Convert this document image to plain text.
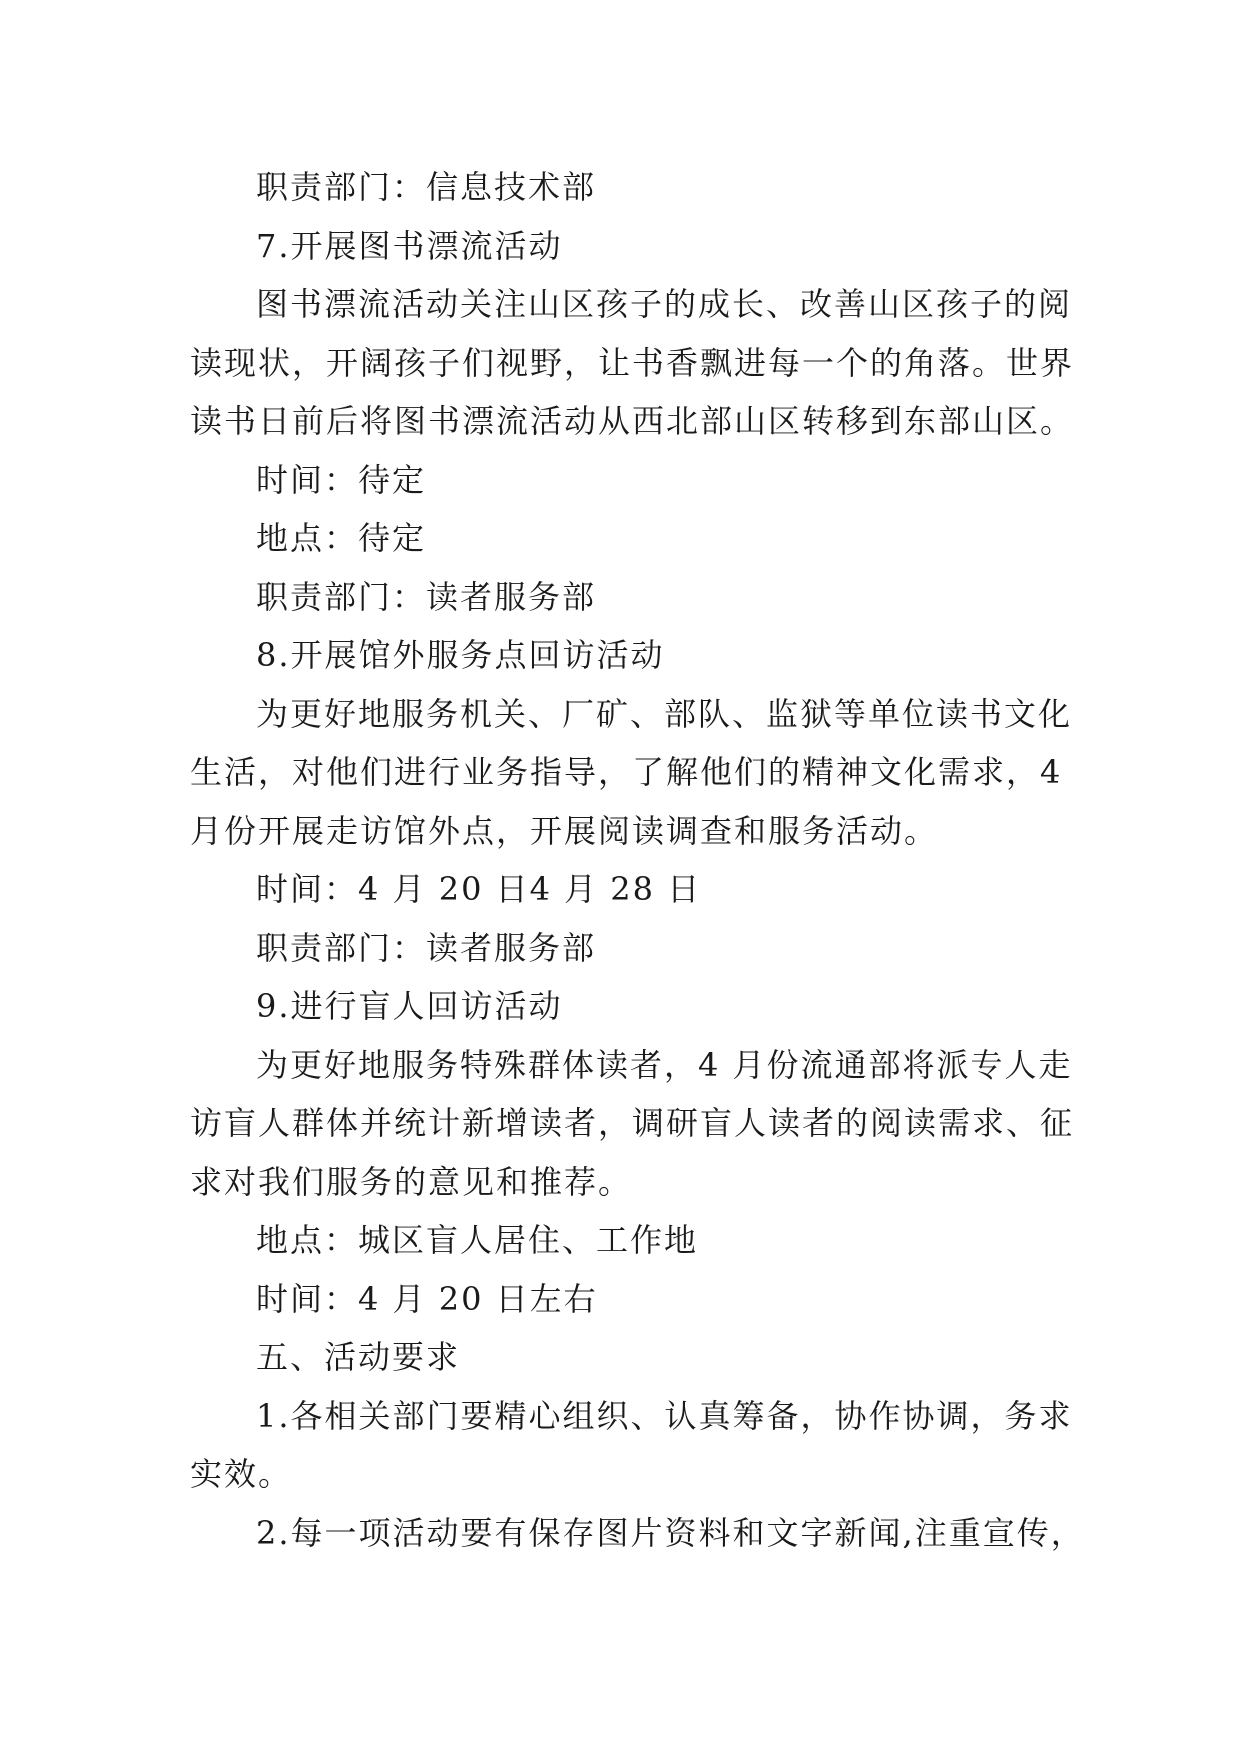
职责部门：信息技术部
7.开展图书漂流活动
图书漂流活动关注山区孩子的成长、改善山区孩子的阅
读现状，开阔孩子们视野，让书香飘进每一个的角落。世界
读书日前后将图书漂流活动从西北部山区转移到东部山区。
时间：待定
地点：待定
职责部门：读者服务部
8.开展馆外服务点回访活动
为更好地服务机关、厂矿、部队、监狱等单位读书文化
生活，对他们进行业务指导，了解他们的精神文化需求，4
月份开展走访馆外点，开展阅读调查和服务活动。
时间：4 月 20 日4 月 28 日
职责部门：读者服务部
9.进行盲人回访活动
为更好地服务特殊群体读者，4 月份流通部将派专人走
访盲人群体并统计新增读者，调研盲人读者的阅读需求、征
求对我们服务的意见和推荐。
地点：城区盲人居住、工作地
时间：4 月 20 日左右
五、活动要求
1.各相关部门要精心组织、认真筹备，协作协调，务求
实效。
2.每一项活动要有保存图片资料和文字新闻,注重宣传，
